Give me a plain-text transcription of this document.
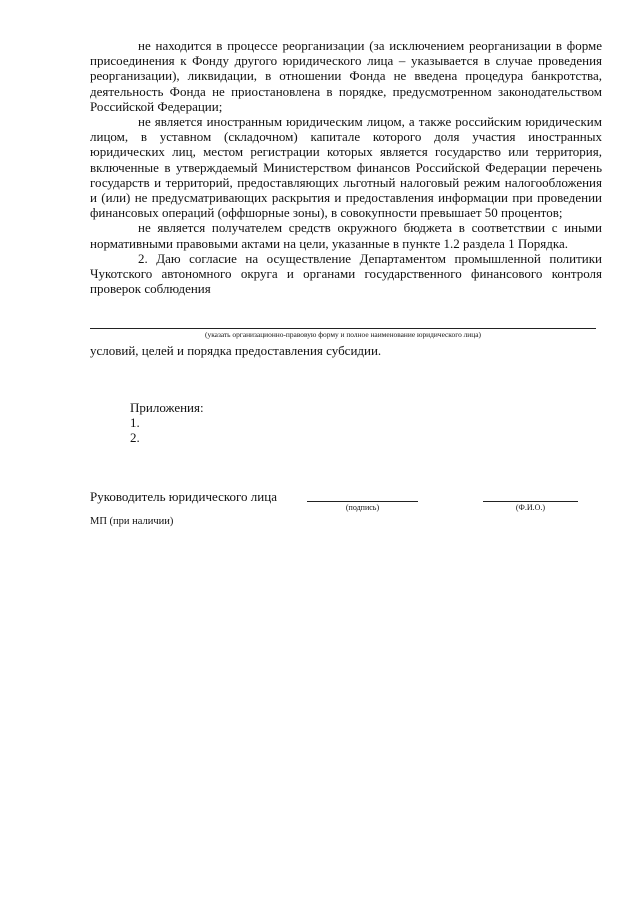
не находится в процессе реорганизации (за исключением реорганизации в форме присоединения к Фонду другого юридического лица – указывается в случае проведения реорганизации), ликвидации, в отношении Фонда не введена процедура банкротства, деятельность Фонда не приостановлена в порядке, предусмотренном законодательством Российской Федерации;

не является иностранным юридическим лицом, а также российским юридическим лицом, в уставном (складочном) капитале которого доля участия иностранных юридических лиц, местом регистрации которых является государство или территория, включенные в утверждаемый Министерством финансов Российской Федерации перечень государств и территорий, предоставляющих льготный налоговый режим налогообложения и (или) не предусматривающих раскрытия и предоставления информации при проведении финансовых операций (оффшорные зоны), в совокупности превышает 50 процентов;

не является получателем средств окружного бюджета в соответствии с иными нормативными правовыми актами на цели, указанные в пункте 1.2 раздела 1 Порядка.

2. Даю согласие на осуществление Департаментом промышленной политики Чукотского автономного округа и органами государственного финансового контроля проверок соблюдения

(указать организационно-правовую форму и полное наименование юридического лица)
условий, целей и порядка предоставления субсидии.
Приложения:
1.
2.
Руководитель юридического лица
(подпись)	(Ф.И.О.)
МП (при наличии)
